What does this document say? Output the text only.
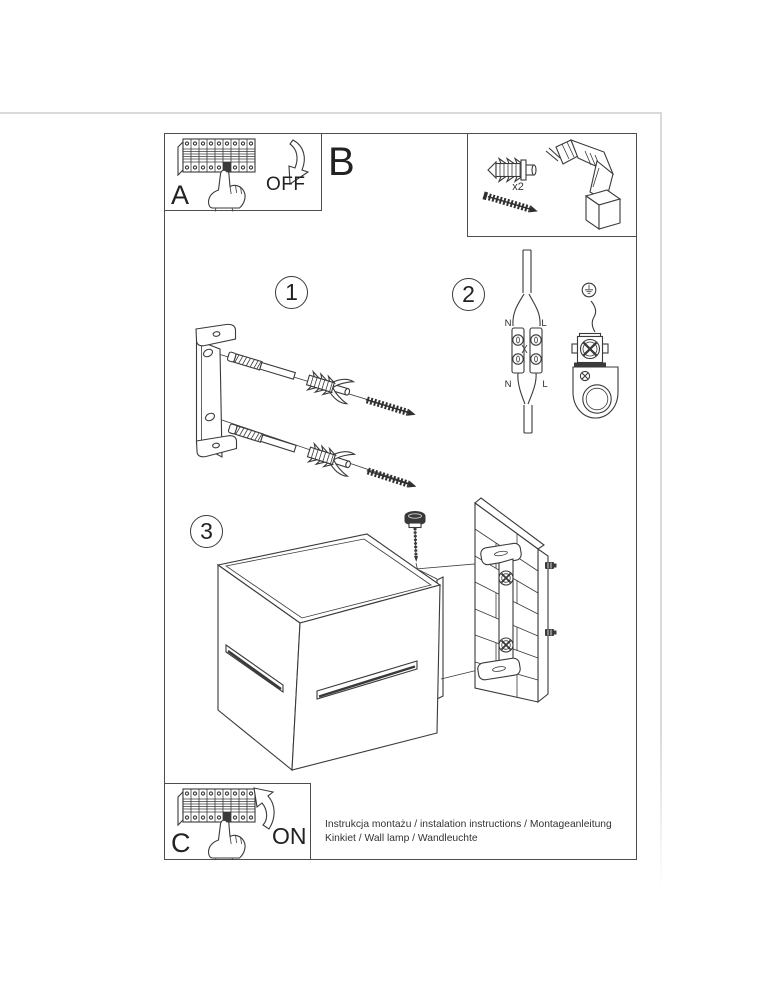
N	L
N	L
A	OFF
B
x2
1	2
3
C	ON Instrukcja montażu / instalation instructions / Montageanleitung
Kinkiet / Wall lamp / Wandleuchte
